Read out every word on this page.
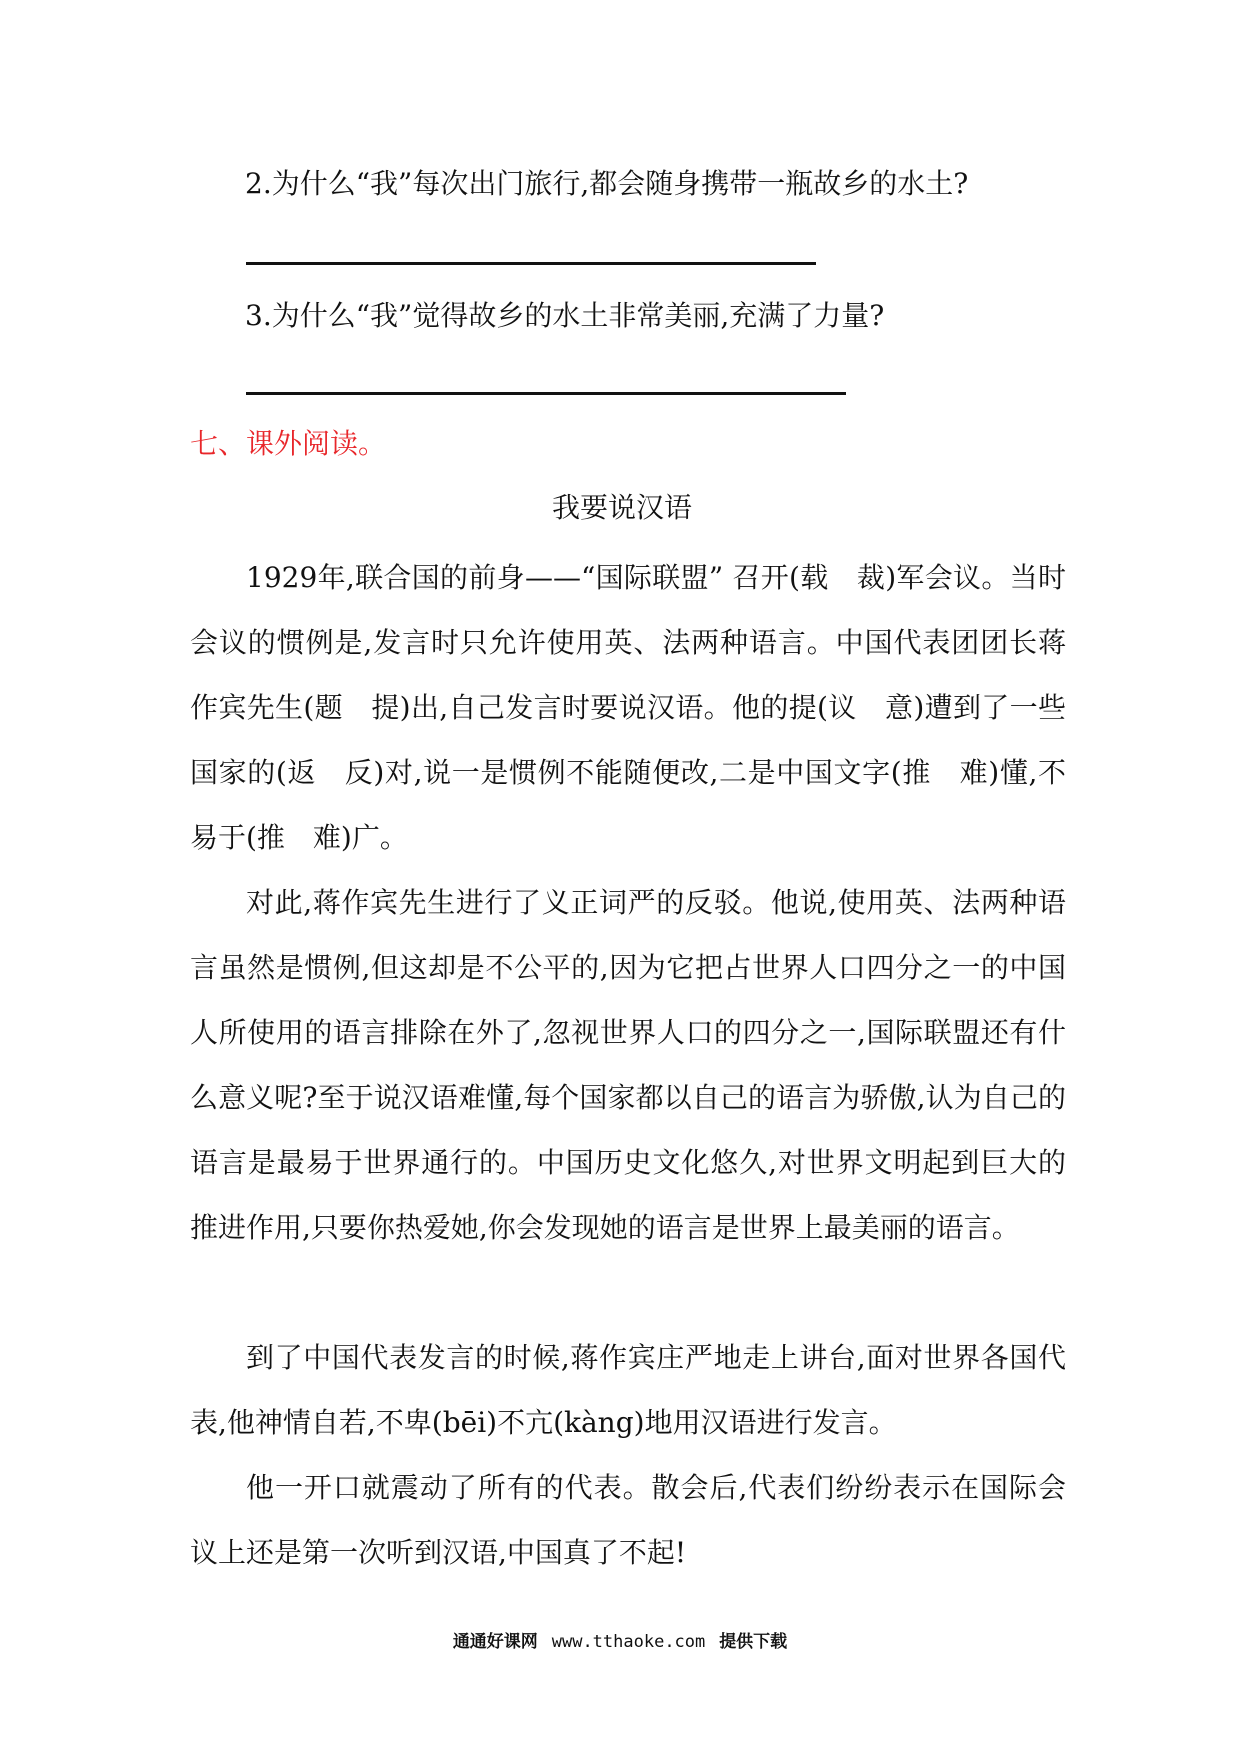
2.为什么“我”每次出门旅行,都会随身携带一瓶故乡的水土?
3.为什么“我”觉得故乡的水土非常美丽,充满了力量?
七、课外阅读。
我要说汉语

1929年,联合国的前身——“国际联盟” 召开(载　裁)军会议。当时会议的惯例是,发言时只允许使用英、法两种语言。中国代表团团长蒋作宾先生(题　提)出,自己发言时要说汉语。他的提(议　意)遭到了一些国家的(返　反)对,说一是惯例不能随便改,二是中国文字(推　难)懂,不易于(推　难)广。

对此,蒋作宾先生进行了义正词严的反驳。他说,使用英、法两种语言虽然是惯例,但这却是不公平的,因为它把占世界人口四分之一的中国人所使用的语言排除在外了,忽视世界人口的四分之一,国际联盟还有什么意义呢?至于说汉语难懂,每个国家都以自己的语言为骄傲,认为自己的语言是最易于世界通行的。中国历史文化悠久,对世界文明起到巨大的推进作用,只要你热爱她,你会发现她的语言是世界上最美丽的语言。

到了中国代表发言的时候,蒋作宾庄严地走上讲台,面对世界各国代表,他神情自若,不卑(bēi)不亢(kàng)地用汉语进行发言。

他一开口就震动了所有的代表。散会后,代表们纷纷表示在国际会议上还是第一次听到汉语,中国真了不起!

通通好课网 www.tthaoke.com 提供下载
